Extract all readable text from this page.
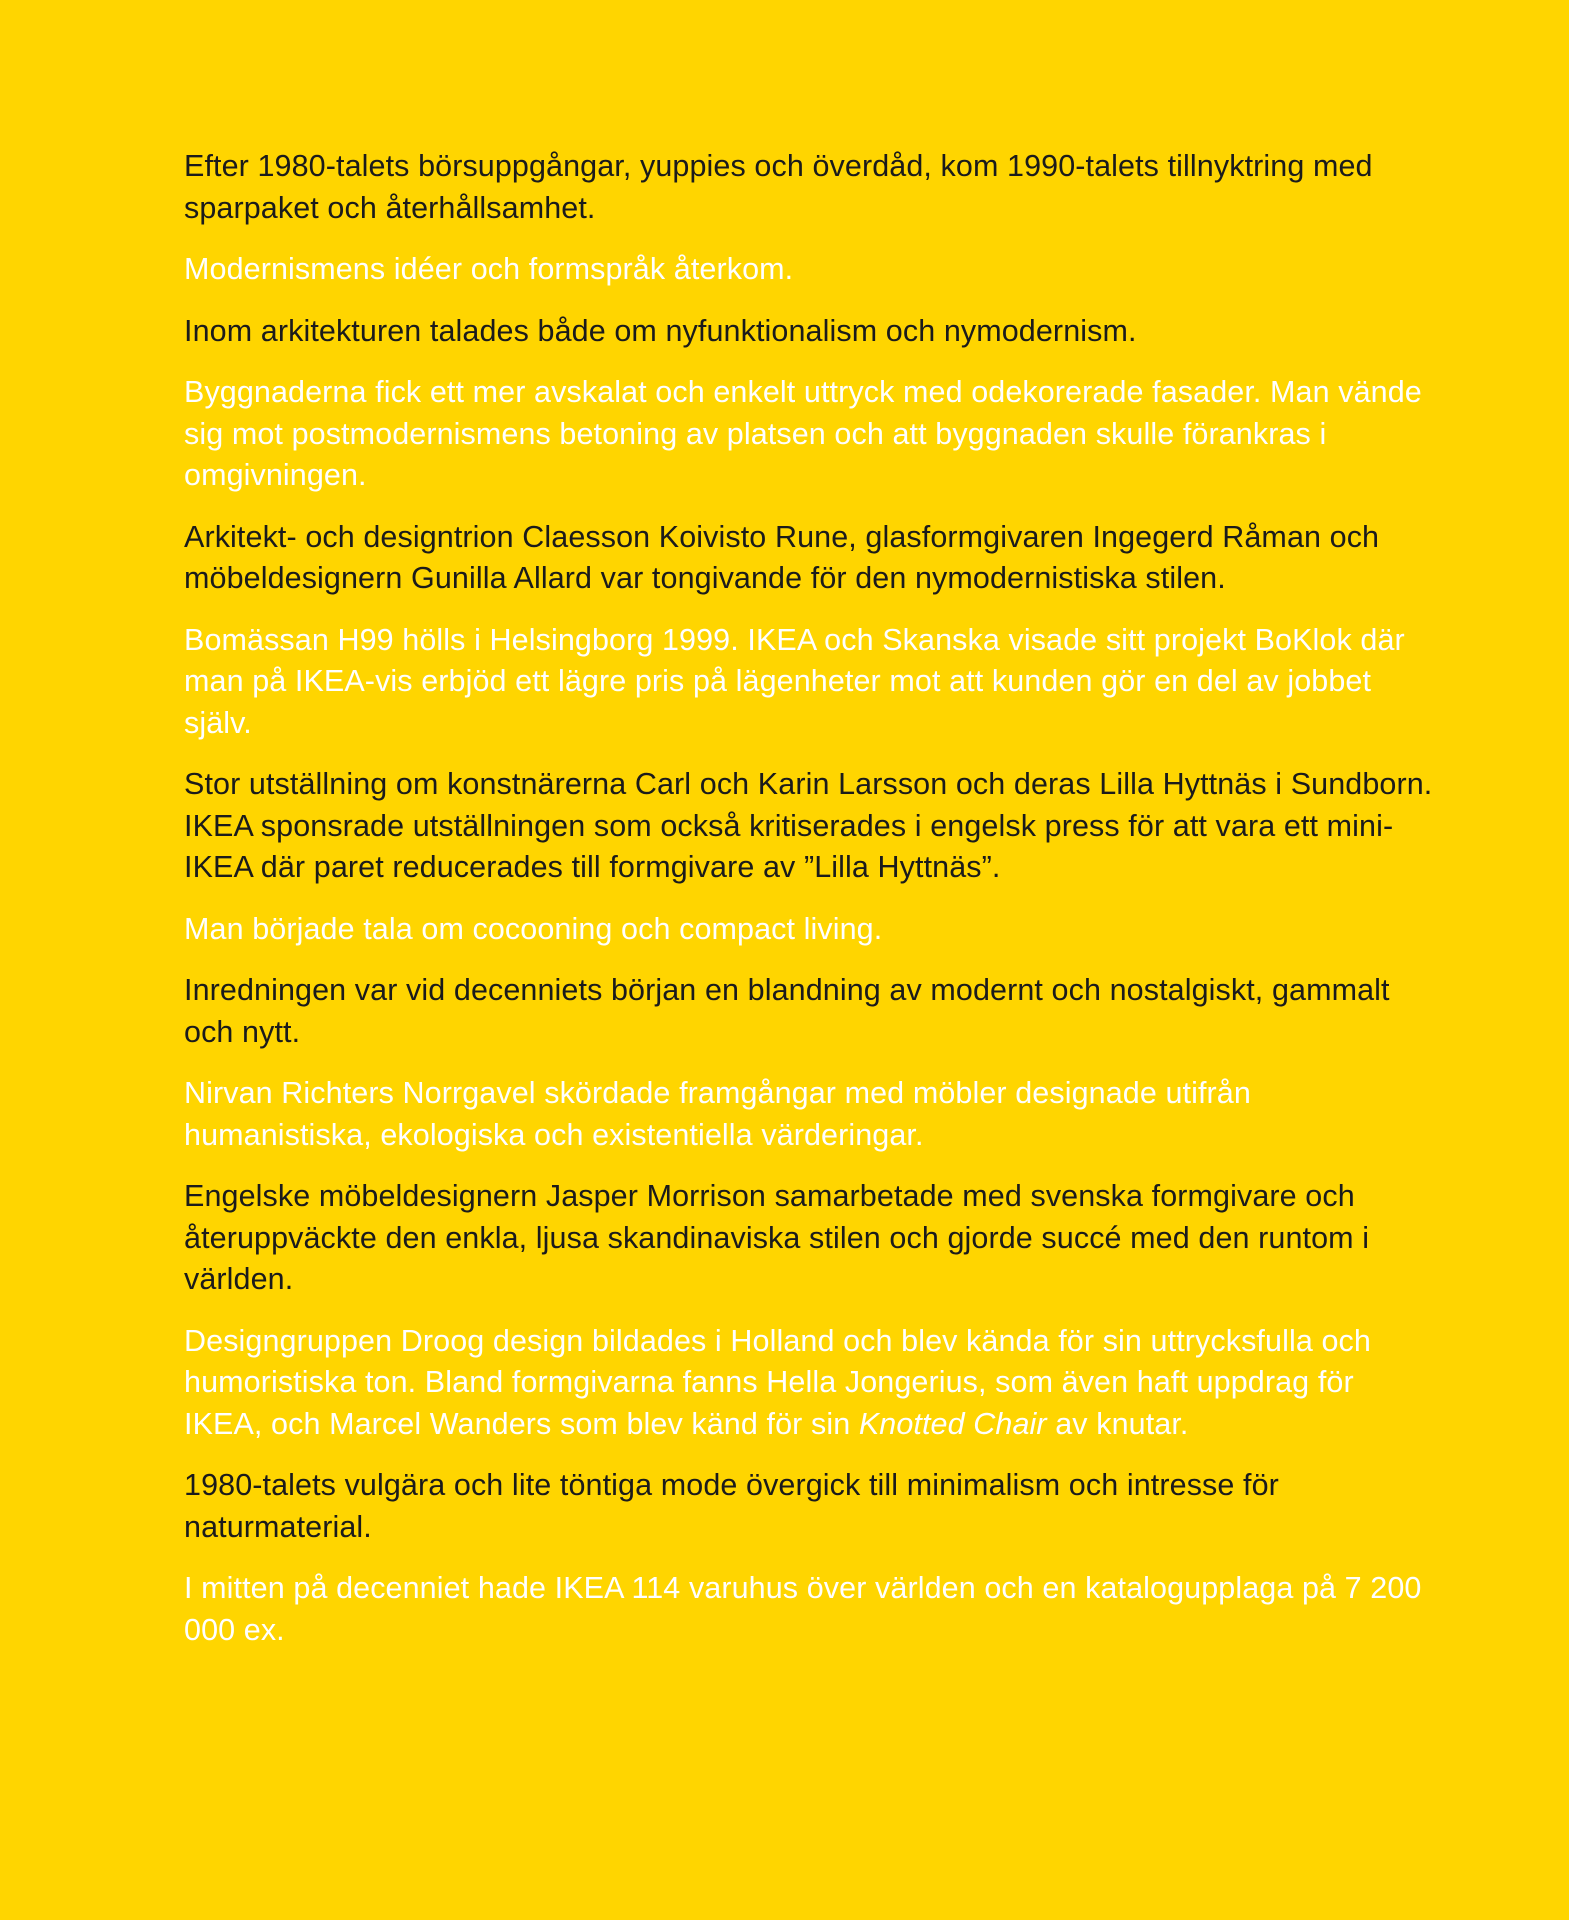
Efter 1980-talets börsuppgångar, yuppies och överdåd, kom 1990-talets tillnyktring med sparpaket och återhållsamhet.

Modernismens idéer och formspråk återkom.

Inom arkitekturen talades både om nyfunktionalism och nymodernism.

Byggnaderna fick ett mer avskalat och enkelt uttryck med odekorerade fasader. Man vände sig mot postmodernismens betoning av platsen och att byggnaden skulle förankras i omgivningen.

Arkitekt- och designtrion Claesson Koivisto Rune, glasformgivaren Ingegerd Råman och möbeldesignern Gunilla Allard var tongivande för den nymodernistiska stilen.

Bomässan H99 hölls i Helsingborg 1999. IKEA och Skanska visade sitt projekt BoKlok där man på IKEA-vis erbjöd ett lägre pris på lägenheter mot att kunden gör en del av jobbet själv.

Stor utställning om konstnärerna Carl och Karin Larsson och deras Lilla Hyttnäs i Sundborn. IKEA sponsrade utställningen som också kritiserades i engelsk press för att vara ett mini-IKEA där paret reducerades till formgivare av ”Lilla Hyttnäs”.

Man började tala om cocooning och compact living.

Inredningen var vid decenniets början en blandning av modernt och nostalgiskt, gammalt och nytt.

Nirvan Richters Norrgavel skördade framgångar med möbler designade utifrån humanistiska, ekologiska och existentiella värderingar.

Engelske möbeldesignern Jasper Morrison samarbetade med svenska formgivare och återuppväckte den enkla, ljusa skandinaviska stilen och gjorde succé med den runtom i världen.

Designgruppen Droog design bildades i Holland och blev kända för sin uttrycksfulla och humoristiska ton. Bland formgivarna fanns Hella Jongerius, som även haft uppdrag för IKEA, och Marcel Wanders som blev känd för sin Knotted Chair av knutar.

1980-talets vulgära och lite töntiga mode övergick till minimalism och intresse för naturmaterial.

I mitten på decenniet hade IKEA 114 varuhus över världen och en katalogupplaga på 7 200 000 ex.
